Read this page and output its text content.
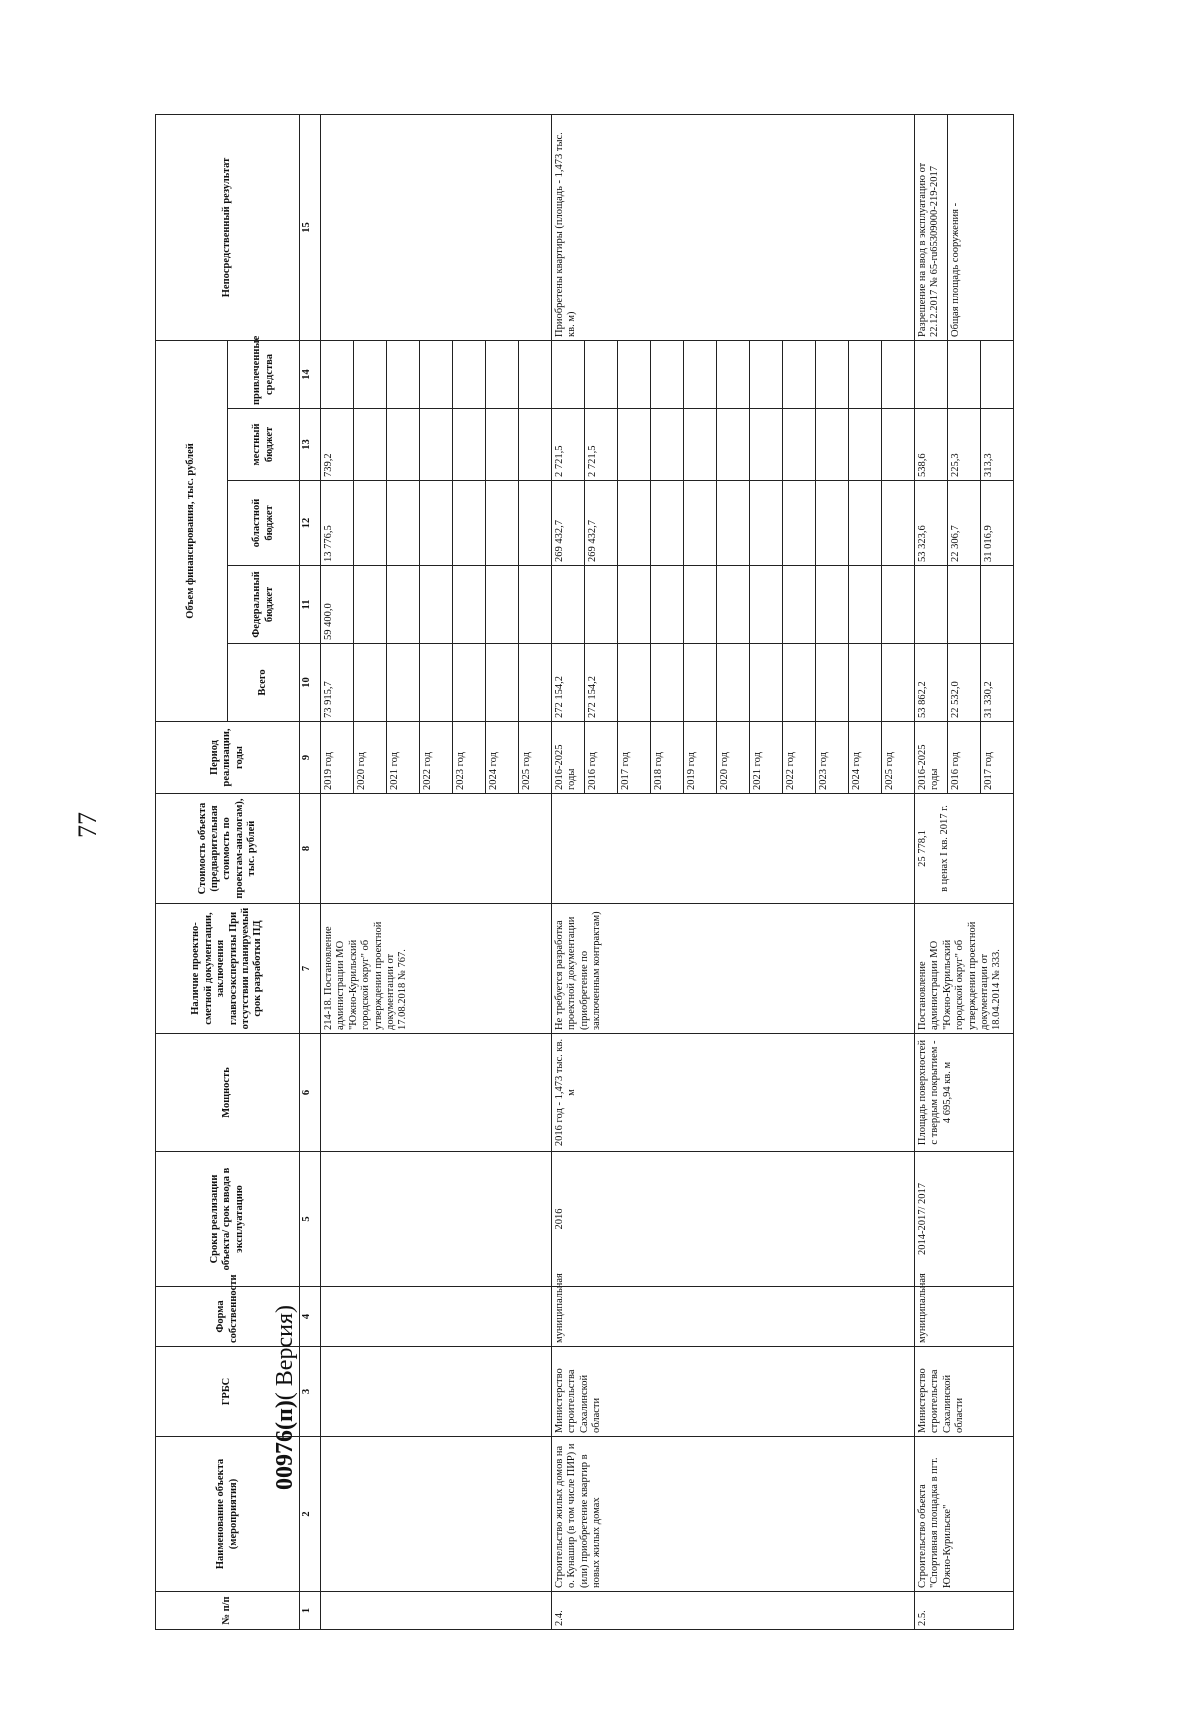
77
№ п/п	Наименование объекта (мероприятия)	ГРБС	Форма собственности	Сроки реализации объекта/ срок ввода в эксплуатацию	Мощность	Наличие проектно-сметной документации, заключения главгосэкспертизы При отсутствии планируемый срок разработки ПД	Стоимость объекта (предварительная стоимость по проектам-аналогам), тыс. рублей	Период реализации, годы	Объем финансирования, тыс. рублей					Непосредственный результат
									Всего	Федеральный бюджет	областной бюджет	местный бюджет	привлеченные средства	
1	2	3	4	5	6	7	8	9	10	11	12	13	14	15
						214-18. Постановление администрации МО "Южно-Курильский городской округ" об утверждении проектной документации от 17.08.2018 № 767.		2019 год	73 915,7	59 400,0	13 776,5	739,2		
								2020 год						
								2021 год						
								2022 год						
								2023 год						
								2024 год						
								2025 год						
2.4.	Строительство жилых домов на о. Кунашир (в том числе ПИР) и (или) приобретение квартир в новых жилых домах	Министерство строительства Сахалинской области	муниципальная	2016	2016 год - 1,473 тыс. кв. м	Не требуется разработка проектной документации (приобретение по заключенным контрактам)		2016-2025 годы	272 154,2		269 432,7	2 721,5		Приобретены квартиры (площадь - 1,473 тыс. кв. м)
								2016 год	272 154,2		269 432,7	2 721,5		
								2017 год						
								2018 год						
								2019 год						
								2020 год						
								2021 год						
								2022 год						
								2023 год						
								2024 год						
								2025 год						
2.5.	Строительство объекта "Спортивная площадка в пгт. Южно-Курильске"	Министерство строительства Сахалинской области	муниципальная	2014-2017/ 2017	Площадь поверхностей с твердым покрытием - 4 695,94 кв. м	Постановление администрации МО "Южно-Курильский городской округ" об утверждении проектной документации от 18.04.2014 № 333.	25 778,1 в ценах I кв. 2017 г.	2016-2025 годы	53 862,2		53 323,6	538,6		Разрешение на ввод в эксплуатацию от 22.12.2017 № 65-ru65309000-219-2017
								2016 год	22 532,0		22 306,7	225,3		Общая площадь сооружения -
								2017 год	31 330,2		31 016,9	313,3		
00976(п)( Версия)
